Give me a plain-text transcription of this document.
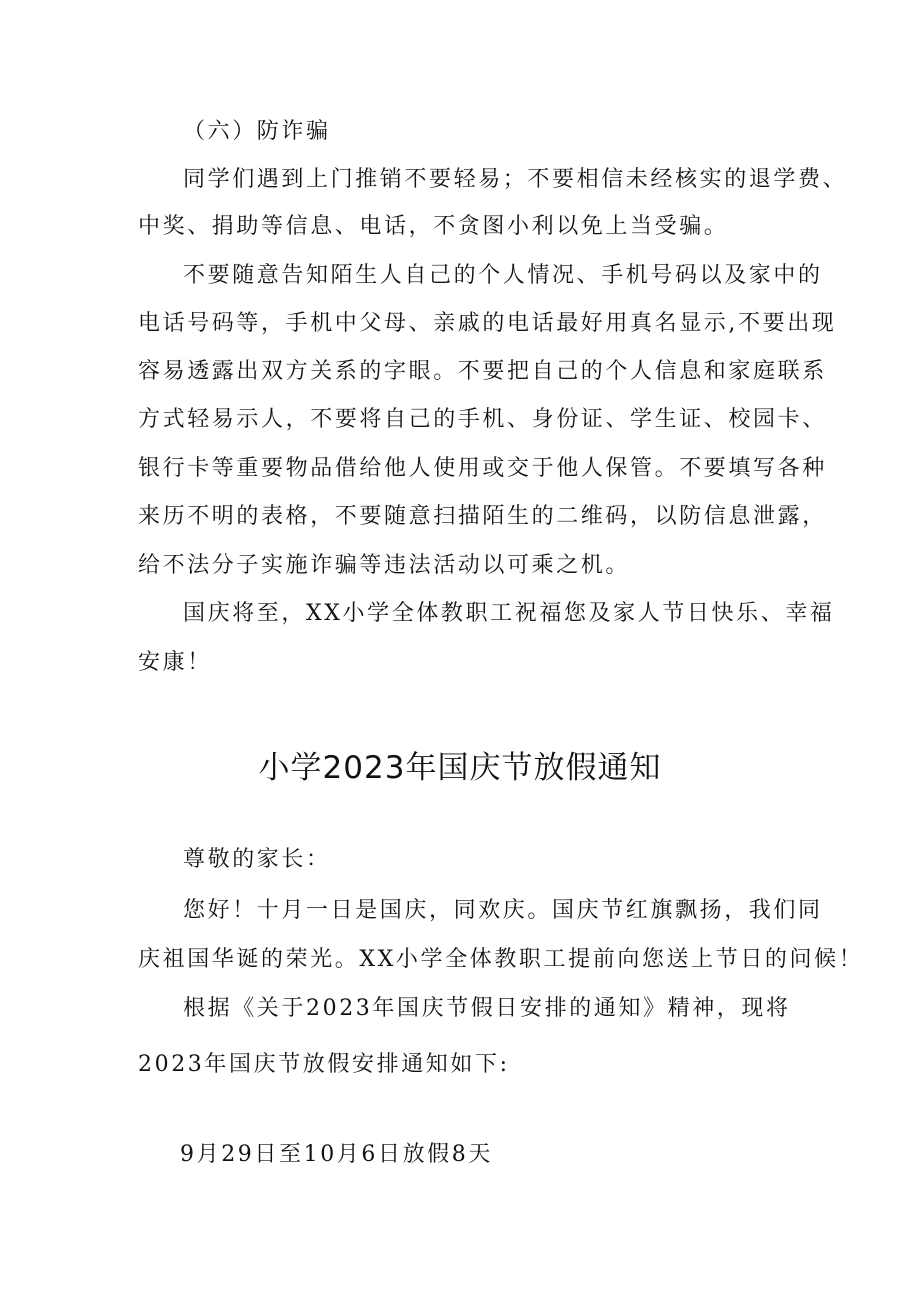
（六）防诈骗
同学们遇到上门推销不要轻易；不要相信未经核实的退学费、
中奖、捐助等信息、电话，不贪图小利以免上当受骗。
不要随意告知陌生人自己的个人情况、手机号码以及家中的
电话号码等，手机中父母、亲戚的电话最好用真名显示,不要出现
容易透露出双方关系的字眼。不要把自己的个人信息和家庭联系
方式轻易示人，不要将自己的手机、身份证、学生证、校园卡、
银行卡等重要物品借给他人使用或交于他人保管。不要填写各种
来历不明的表格，不要随意扫描陌生的二维码，以防信息泄露，
给不法分子实施诈骗等违法活动以可乘之机。
国庆将至，XX小学全体教职工祝福您及家人节日快乐、幸福
安康！
小学2023年国庆节放假通知
尊敬的家长：
您好！十月一日是国庆，同欢庆。国庆节红旗飘扬，我们同
庆祖国华诞的荣光。XX小学全体教职工提前向您送上节日的问候！
根据《关于2023年国庆节假日安排的通知》精神，现将
2023年国庆节放假安排通知如下:
9月29日至10月6日放假8天
